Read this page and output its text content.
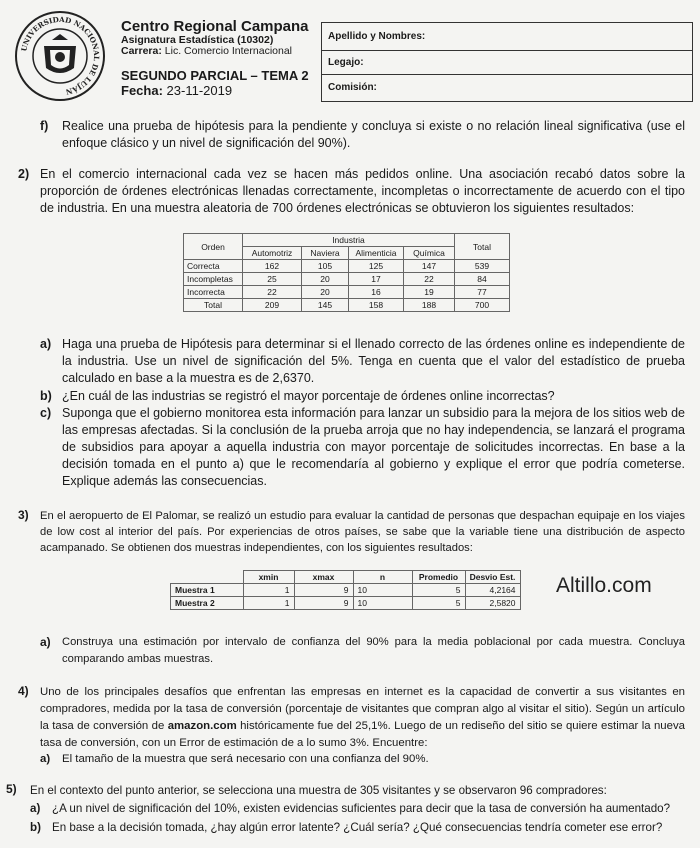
UNIVERSIDAD NACIONAL DE LUJÁN
Centro Regional Campana
Asignatura Estadística (10302)
Carrera: Lic. Comercio Internacional
SEGUNDO PARCIAL – TEMA 2
Fecha: 23-11-2019
Apellido y Nombres:
Legajo:
Comisión:
f) Realice una prueba de hipótesis para la pendiente y concluya si existe o no relación lineal significativa (use el enfoque clásico y un nivel de significación del 90%).
2) En el comercio internacional cada vez se hacen más pedidos online. Una asociación recabó datos sobre la proporción de órdenes electrónicas llenadas correctamente, incompletas o incorrectamente de acuerdo con el tipo de industria. En una muestra aleatoria de 700 órdenes electrónicas se obtuvieron los siguientes resultados:
Orden	Industria				Total
	Automotriz	Naviera	Alimenticia	Química	
Correcta	162	105	125	147	539
Incompletas	25	20	17	22	84
Incorrecta	22	20	16	19	77
Total	209	145	158	188	700
a) Haga una prueba de Hipótesis para determinar si el llenado correcto de las órdenes online es independiente de la industria. Use un nivel de significación del 5%. Tenga en cuenta que el valor del estadístico de prueba calculado en base a la muestra es de 2,6370.
b) ¿En cuál de las industrias se registró el mayor porcentaje de órdenes online incorrectas?
c) Suponga que el gobierno monitorea esta información para lanzar un subsidio para la mejora de los sitios web de las empresas afectadas. Si la conclusión de la prueba arroja que no hay independencia, se lanzará el programa de subsidios para apoyar a aquella industria con mayor porcentaje de solicitudes incorrectas. En base a la decisión tomada en el punto a) que le recomendaría al gobierno y explique el error que podría cometerse. Explique además las consecuencias.
3) En el aeropuerto de El Palomar, se realizó un estudio para evaluar la cantidad de personas que despachan equipaje en los viajes de low cost al interior del país. Por experiencias de otros países, se sabe que la variable tiene una distribución de aspecto acampanado. Se obtienen dos muestras independientes, con los siguientes resultados:
	xmin	xmax	n	Promedio	Desvio Est.
Muestra 1	1	9	10	5	4,2164
Muestra 2	1	9	10	5	2,5820
Altillo.com
a) Construya una estimación por intervalo de confianza del 90% para la media poblacional por cada muestra. Concluya comparando ambas muestras.
4) Uno de los principales desafíos que enfrentan las empresas en internet es la capacidad de convertir a sus visitantes en compradores, medida por la tasa de conversión (porcentaje de visitantes que compran algo al visitar el sitio). Según un artículo la tasa de conversión de amazon.com históricamente fue del 25,1%. Luego de un rediseño del sitio se quiere estimar la nueva tasa de conversión, con un Error de estimación de a lo sumo 3%. Encuentre:
a) El tamaño de la muestra que será necesario con una confianza del 90%.
5) En el contexto del punto anterior, se selecciona una muestra de 305 visitantes y se observaron 96 compradores:
a) ¿A un nivel de significación del 10%, existen evidencias suficientes para decir que la tasa de conversión ha aumentado?
b) En base a la decisión tomada, ¿hay algún error latente? ¿Cuál sería? ¿Qué consecuencias tendría cometer ese error?
